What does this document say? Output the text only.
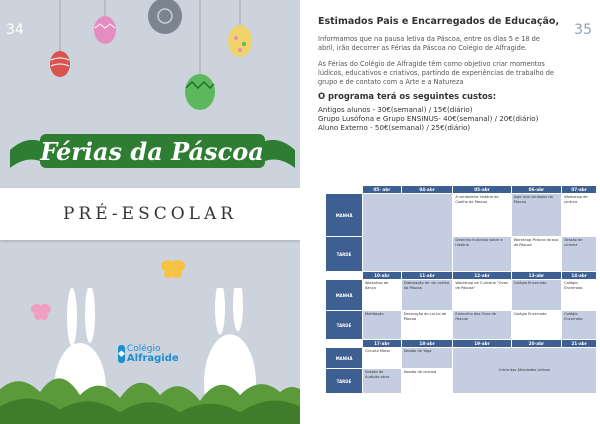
34
Férias da Páscoa
PRÉ-ESCOLAR
◆ Colégio
Alfragide
35
Estimados Pais e Encarregados de Educação,

Informamos que na pausa letiva da Páscoa, entre os dias 5 e 18 de abril, irão decorrer as Férias da Páscoa no Colégio de Alfragide.

As Férias do Colégio de Alfragide têm como objetivo criar momentos lúdicos, educativos e criativos, partindo de experiências de trabalho de grupo e de contato com a Arte e a Natureza

O programa terá os seguintes custos:
Antigos alunos - 30€(semanal) / 15€(diário)
Grupo Lusófona e Grupo ENSINUS- 40€(semanal) / 20€(diário)
Aluno Externo - 50€(semanal) / 25€(diário)
	05- abr	04-abr	05-abr	06-abr	07-abr
MANHÃ			A verdadeira história do Coelho da Páscoa	Jogo com símbolos da Páscoa	Workshop de pintura
TARDE			Desenho ilustrado sobre a história	Workshop Pintura do ovo da Páscoa	Sessão de cinema
	10-abr	11-abr	12-abr	13-abr	14-abr
MANHÃ	Workshop de dança	Elaboração de um coelho da Páscoa	Workshop de Culinária "Ovos de Páscoa"	Colégio Encerrado	Colégio Encerrado
TARDE	Meditação	Decoração do cal-ho de Páscoa	Embrulho dos Ovos de Páscoa	Colégio Encerrado	Colégio Encerrado
	17-abr	18-abr	19-abr	20-abr	21-abr
MANHÃ	Circuito Motor	Sessão de Yoga	Início das Atividades Letivas		
TARDE	Sessão de Audição ativa	Sessão de cinema			
